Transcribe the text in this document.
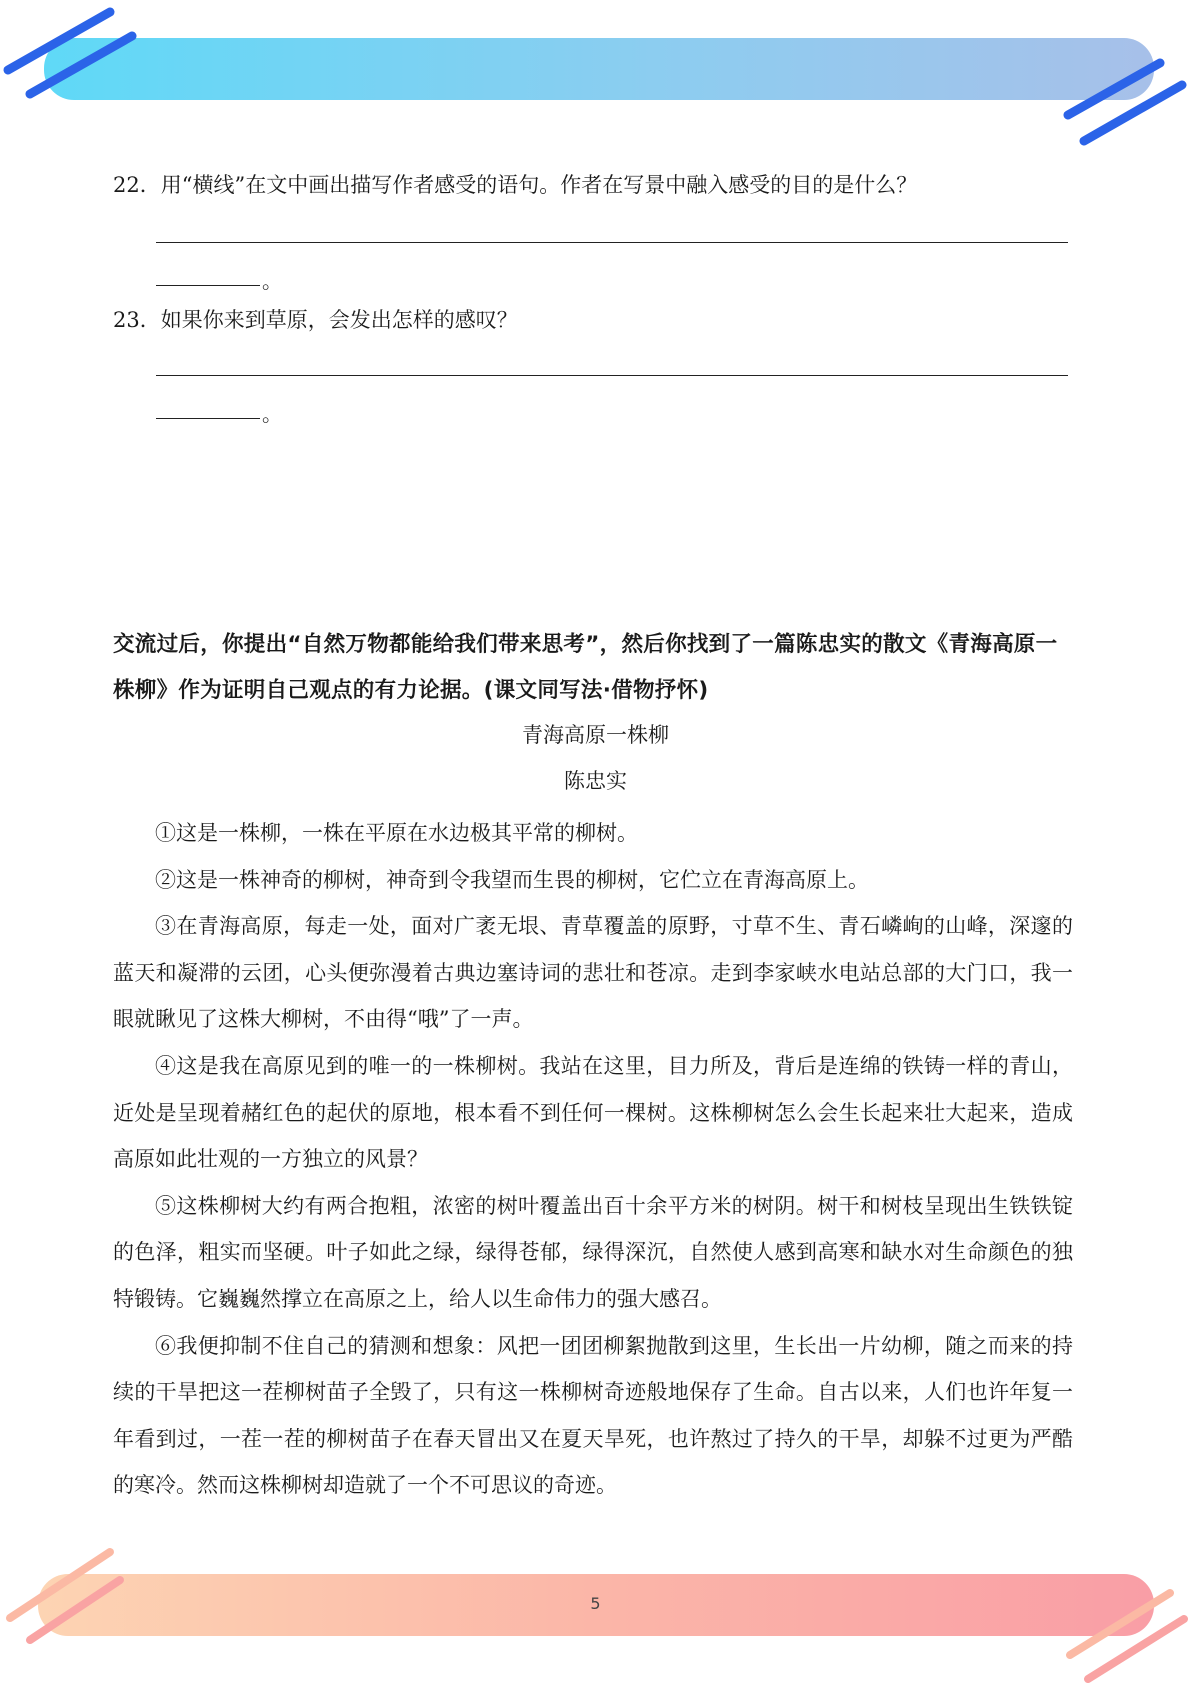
22．用“横线”在文中画出描写作者感受的语句。作者在写景中融入感受的目的是什么？
。
23．如果你来到草原，会发出怎样的感叹？
。
交流过后，你提出“自然万物都能给我们带来思考”，然后你找到了一篇陈忠实的散文《青海高原一株柳》作为证明自己观点的有力论据。(课文同写法·借物抒怀)
青海高原一株柳
陈忠实

①这是一株柳，一株在平原在水边极其平常的柳树。

②这是一株神奇的柳树，神奇到令我望而生畏的柳树，它伫立在青海高原上。

③在青海高原，每走一处，面对广袤无垠、青草覆盖的原野，寸草不生、青石嶙峋的山峰，深邃的蓝天和凝滞的云团，心头便弥漫着古典边塞诗词的悲壮和苍凉。走到李家峡水电站总部的大门口，我一眼就瞅见了这株大柳树，不由得“哦”了一声。

④这是我在高原见到的唯一的一株柳树。我站在这里，目力所及，背后是连绵的铁铸一样的青山，近处是呈现着赭红色的起伏的原地，根本看不到任何一棵树。这株柳树怎么会生长起来壮大起来，造成高原如此壮观的一方独立的风景？

⑤这株柳树大约有两合抱粗，浓密的树叶覆盖出百十余平方米的树阴。树干和树枝呈现出生铁铁锭的色泽，粗实而坚硬。叶子如此之绿，绿得苍郁，绿得深沉，自然使人感到高寒和缺水对生命颜色的独特锻铸。它巍巍然撑立在高原之上，给人以生命伟力的强大感召。

⑥我便抑制不住自己的猜测和想象：风把一团团柳絮抛散到这里，生长出一片幼柳，随之而来的持续的干旱把这一茬柳树苗子全毁了，只有这一株柳树奇迹般地保存了生命。自古以来，人们也许年复一年看到过，一茬一茬的柳树苗子在春天冒出又在夏天旱死，也许熬过了持久的干旱，却躲不过更为严酷的寒冷。然而这株柳树却造就了一个不可思议的奇迹。

5
